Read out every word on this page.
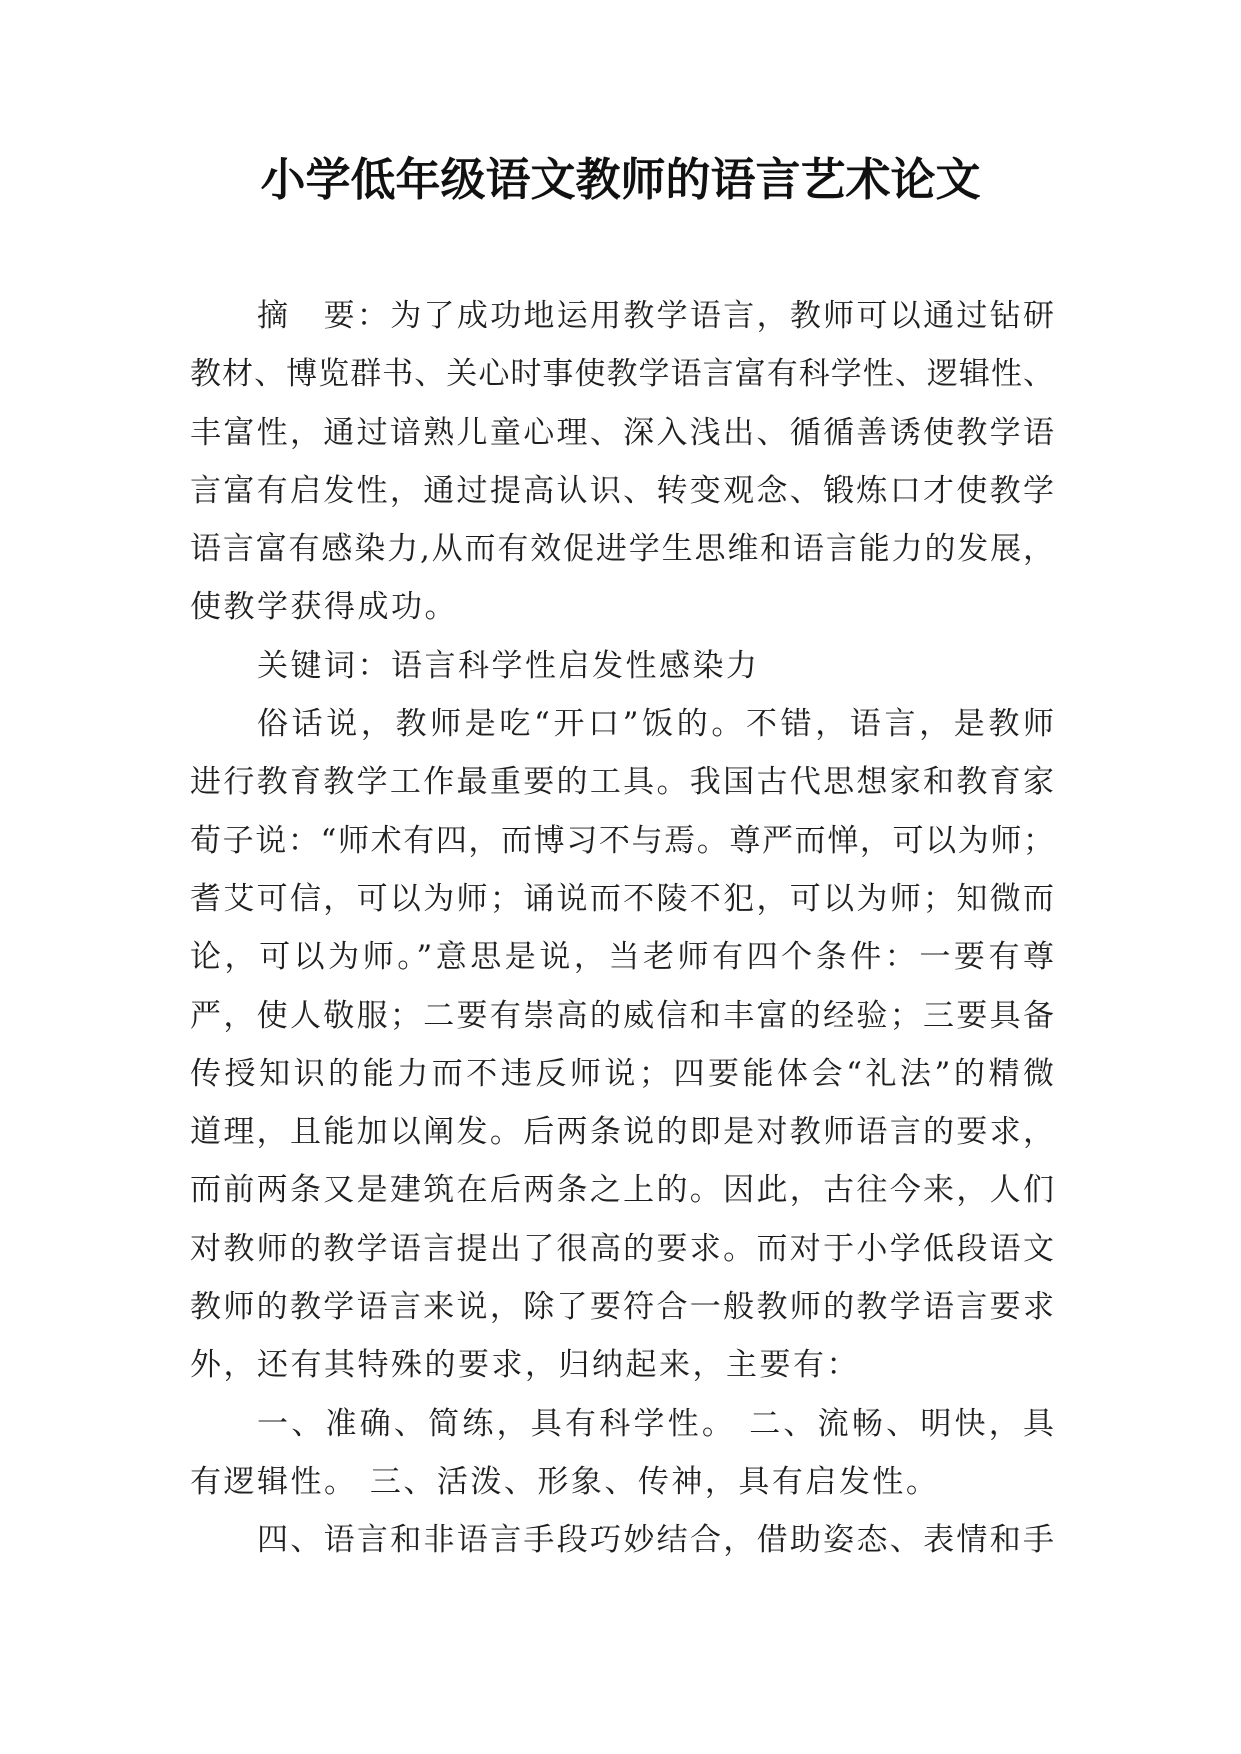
小学低年级语文教师的语言艺术论文
摘　要：为了成功地运用教学语言，教师可以通过钻研
教材、博览群书、关心时事使教学语言富有科学性、逻辑性、
丰富性，通过谙熟儿童心理、深入浅出、循循善诱使教学语
言富有启发性，通过提高认识、转变观念、锻炼口才使教学
语言富有感染力,从而有效促进学生思维和语言能力的发展，
使教学获得成功。
关键词：语言科学性启发性感染力
俗话说，教师是吃“开口”饭的。不错，语言，是教师
进行教育教学工作最重要的工具。我国古代思想家和教育家
荀子说：“师术有四，而博习不与焉。尊严而惮，可以为师；
耆艾可信，可以为师；诵说而不陵不犯，可以为师；知微而
论，可以为师。”意思是说，当老师有四个条件：一要有尊
严，使人敬服；二要有崇高的威信和丰富的经验；三要具备
传授知识的能力而不违反师说；四要能体会“礼法”的精微
道理，且能加以阐发。后两条说的即是对教师语言的要求，
而前两条又是建筑在后两条之上的。因此，古往今来，人们
对教师的教学语言提出了很高的要求。而对于小学低段语文
教师的教学语言来说，除了要符合一般教师的教学语言要求
外，还有其特殊的要求，归纳起来，主要有：
一、准确、简练，具有科学性。 二、流畅、明快，具
有逻辑性。 三、活泼、形象、传神，具有启发性。
四、语言和非语言手段巧妙结合，借助姿态、表情和手
